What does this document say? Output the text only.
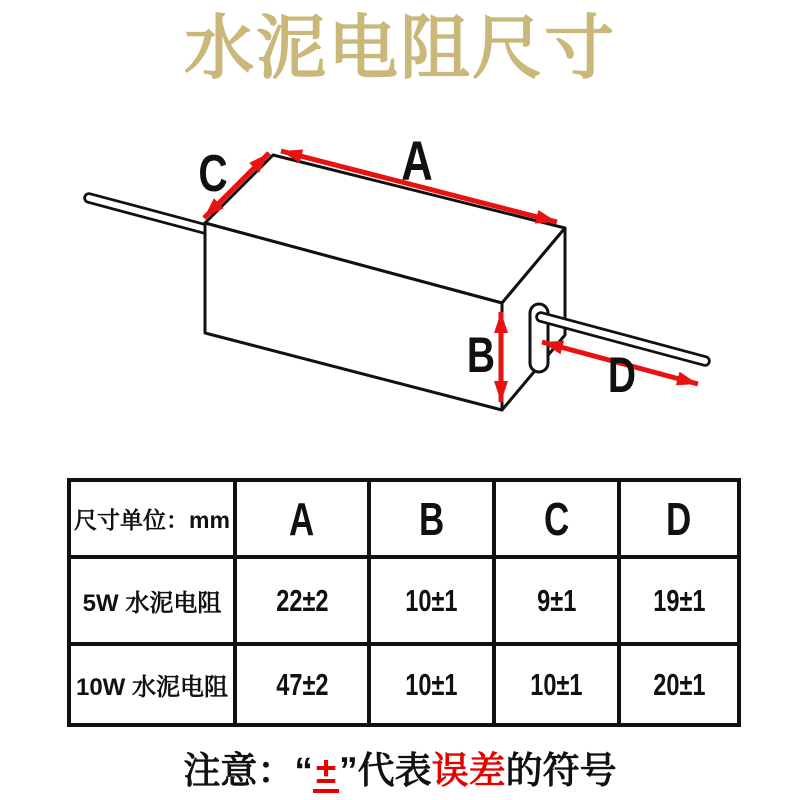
水泥电阻尺寸
A
C
B D
尺寸单位：mm	A	B	C	D
5W 水泥电阻	22±2	10±1	9±1	19±1
10W 水泥电阻	47±2	10±1	10±1	20±1
注意：“±”代表误差的符号
